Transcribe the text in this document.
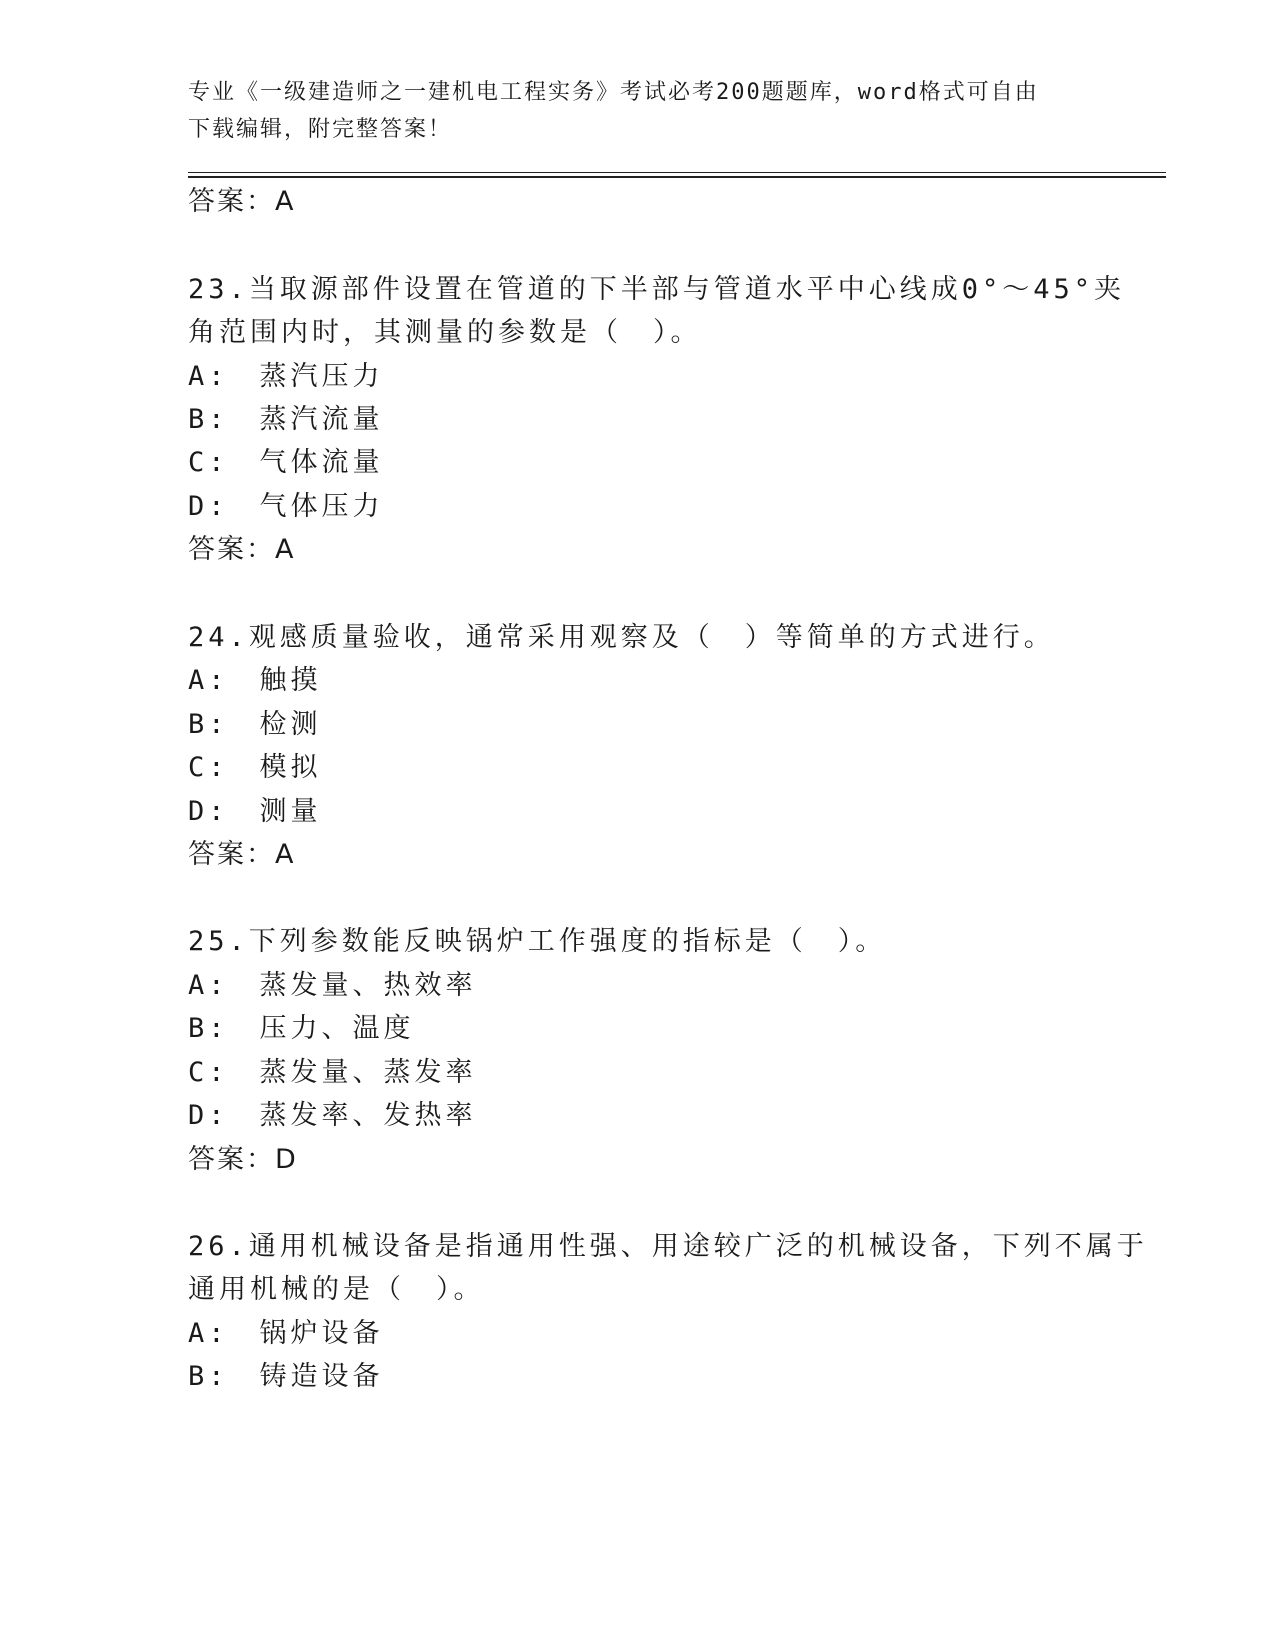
专业《一级建造师之一建机电工程实务》考试必考200题题库，word格式可自由
下载编辑，附完整答案！
答案：A
23.当取源部件设置在管道的下半部与管道水平中心线成0°～45°夹
角范围内时，其测量的参数是（　）。
A:　蒸汽压力
B:　蒸汽流量
C:　气体流量
D:　气体压力
答案：A
24.观感质量验收，通常采用观察及（　）等简单的方式进行。
A:　触摸
B:　检测
C:　模拟
D:　测量
答案：A
25.下列参数能反映锅炉工作强度的指标是（　）。
A:　蒸发量、热效率
B:　压力、温度
C:　蒸发量、蒸发率
D:　蒸发率、发热率
答案：D
26.通用机械设备是指通用性强、用途较广泛的机械设备，下列不属于
通用机械的是（　）。
A:　锅炉设备
B:　铸造设备
